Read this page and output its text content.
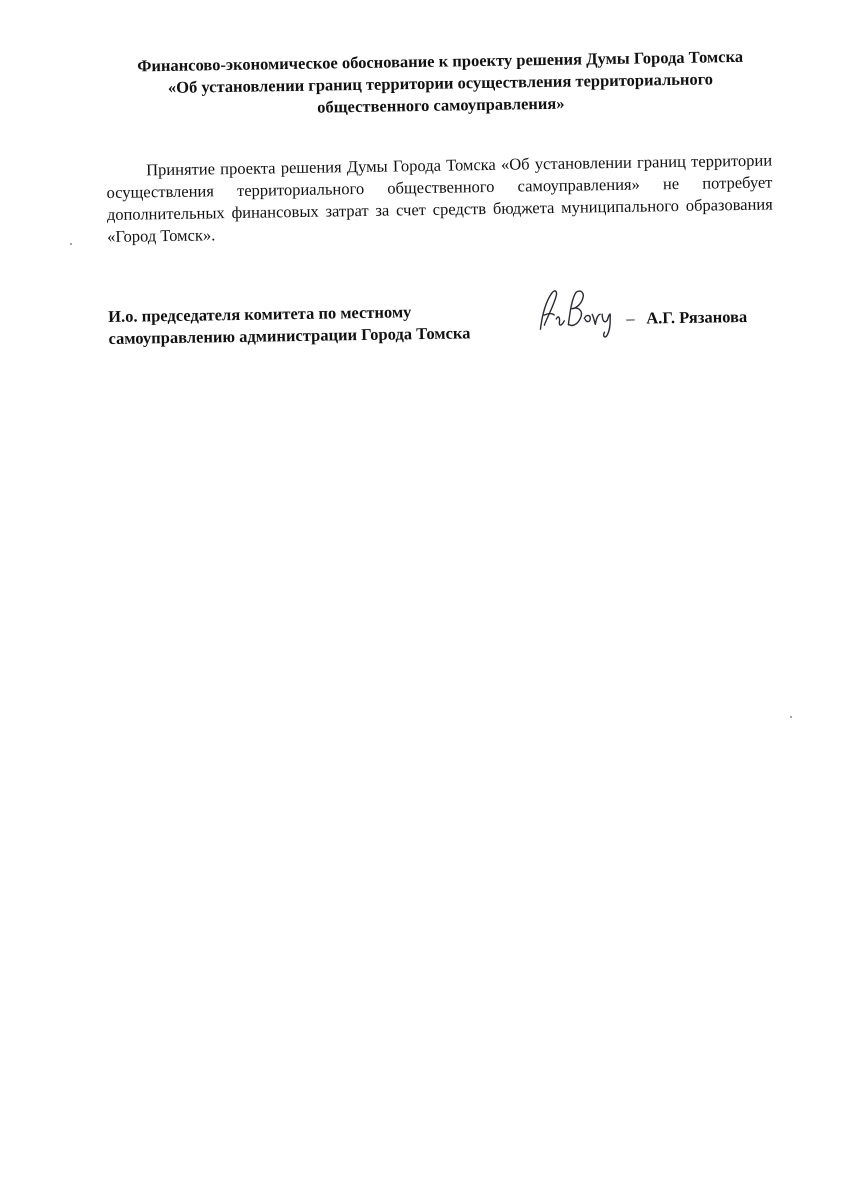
Финансово-экономическое обоснование к проекту решения Думы Города Томска
«Об установлении границ территории осуществления территориального
общественного самоуправления»

Принятие проекта решения Думы Города Томска «Об установлении границ территории осуществления территориального общественного самоуправления» не потребует дополнительных финансовых затрат за счет средств бюджета муниципального образования «Город Томск».

И.о. председателя комитета по местному
самоуправлению администрации Города Томска
– А.Г. Рязанова
